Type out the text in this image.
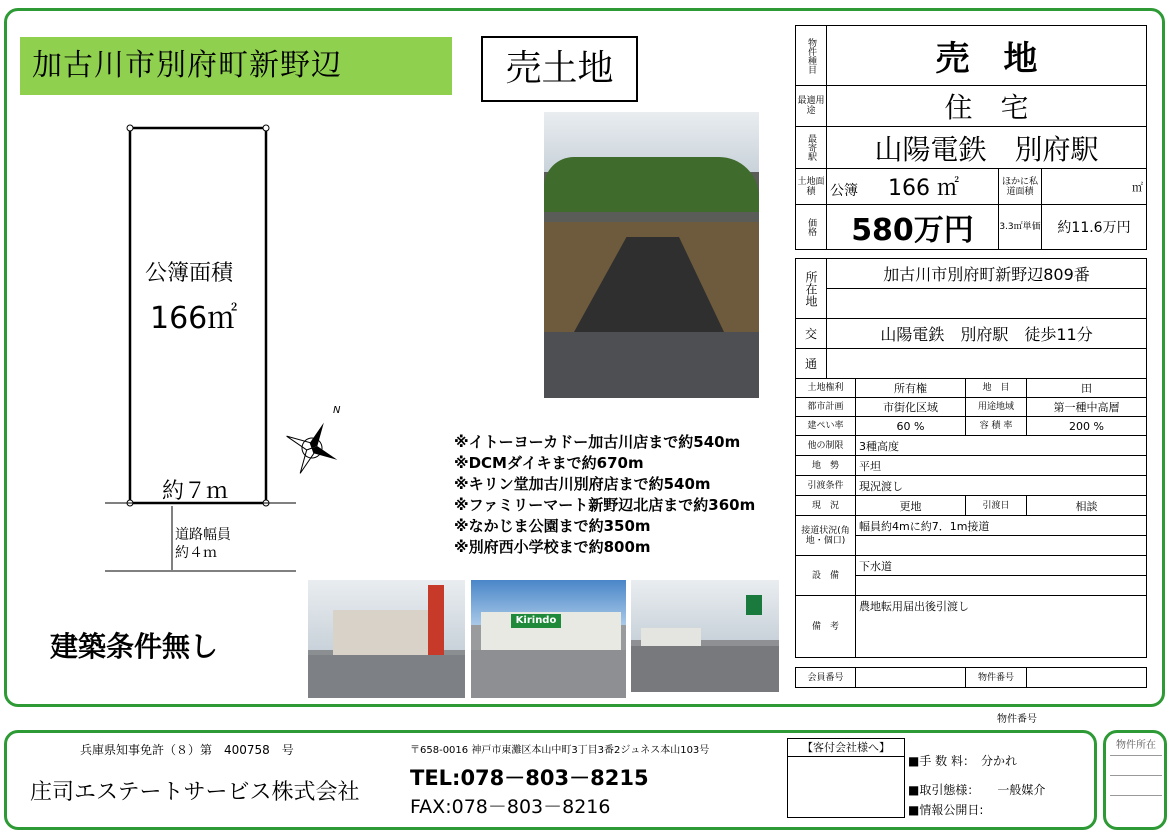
加古川市別府町新野辺	売土地
公簿面積
166㎡
約７ｍ
道路幅員
約４ｍ
N
※イトーヨーカドー加古川店まで約540m
※DCMダイキまで約670m
※キリン堂加古川別府店まで約540m
※ファミリーマート新野辺北店まで約360m
※なかじま公園まで約350m
※別府西小学校まで約800m
Kirindo
建築条件無し
物件種目	売　地		
最適用途	住　宅		
最寄駅	山陽電鉄　別府駅		
土地面積	公簿 166 ㎡	ほかに私道面積	㎡
価格	580万円	3.3㎡単価	約11.6万円
所在地	加古川市別府町新野辺809番			

交	山陽電鉄　別府駅　徒歩11分			
通				
土地権利		所有権	地　目	田
都市計画		市街化区域	用途地域	第一種中高層
建ぺい率		60 %	容 積 率	200 %
他の制限		3種高度		
地　勢		平坦		
引渡条件		現況渡し		
現　況		更地	引渡日	相談
接道状況(角地・個口)		幅員約4mに約7．1m接道		

設　備		下水道		

備　考		農地転用届出後引渡し		
会員番号		物件番号	
物件番号
兵庫県知事免許（８）第　400758　号
庄司エステートサービス株式会社
〒658-0016 神戸市東灘区本山中町3丁目3番2ジュネス本山103号
TEL:078－803－8215
FAX:078－803－8216
【客付会社様へ】
■手 数 料：　分かれ
■取引態様：　　一般媒介
■情報公開日:
物件所在
